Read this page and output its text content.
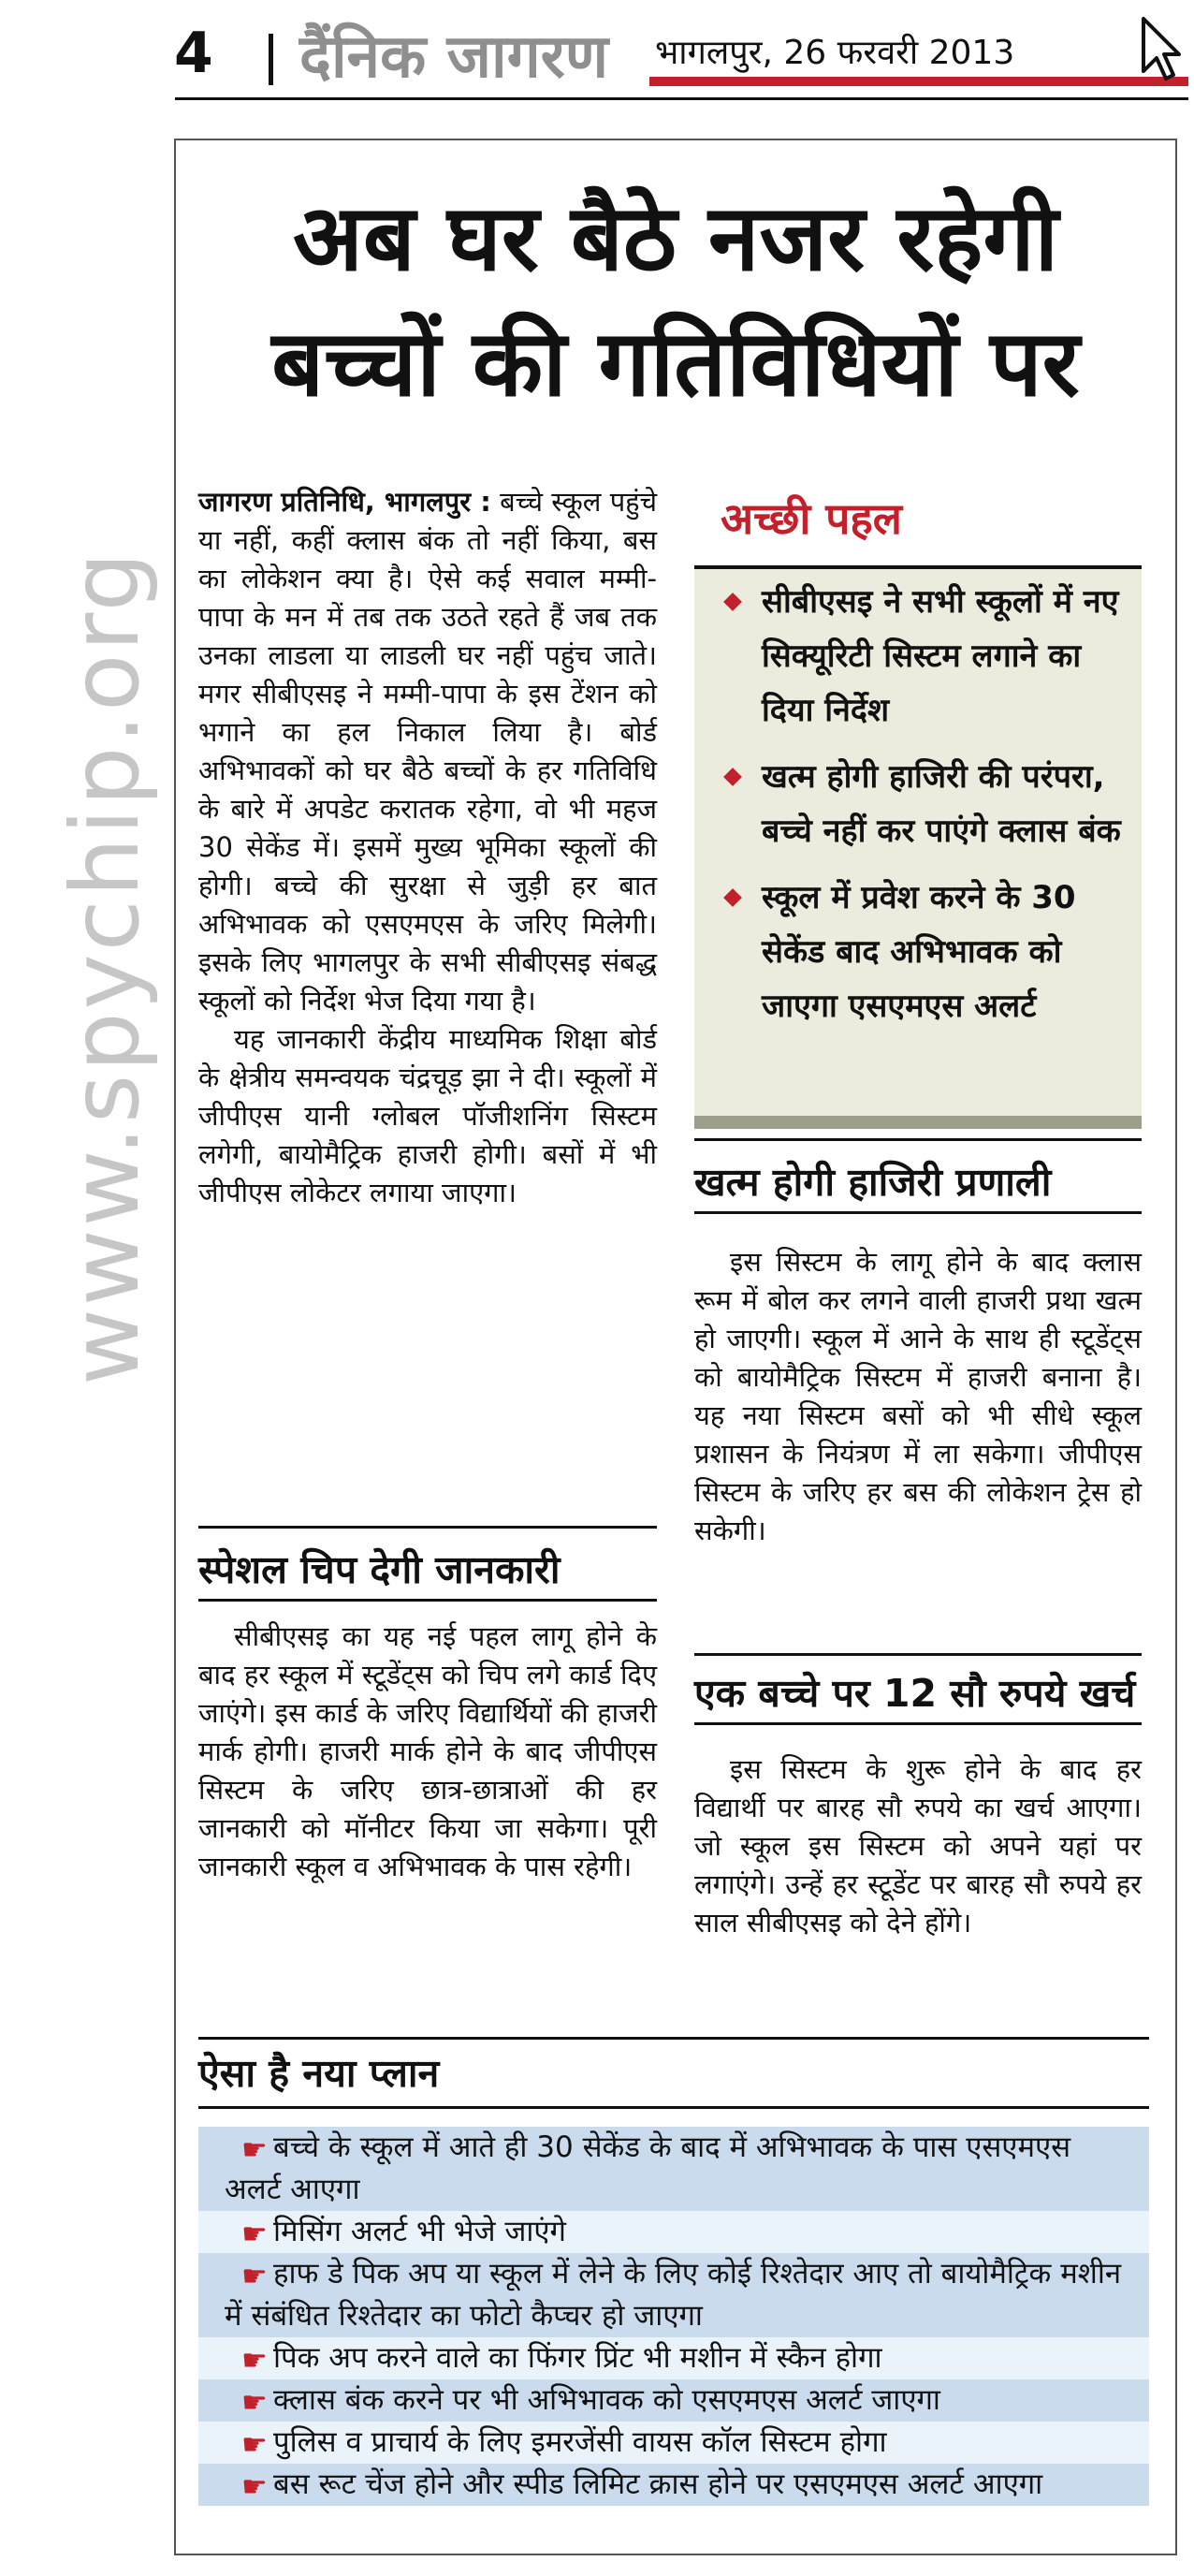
www.spychip.org
4 दैंनिक जागरण भागलपुर, 26 फरवरी 2013
अब घर बैठे नजर रहेगी
बच्चों की गतिविधियों पर

जागरण प्रतिनिधि, भागलपुर : बच्चे स्कूल पहुंचे या नहीं, कहीं क्लास बंक तो नहीं किया, बस का लोकेशन क्या है। ऐसे कई सवाल मम्मी-पापा के मन में तब तक उठते रहते हैं जब तक उनका लाडला या लाडली घर नहीं पहुंच जाते। मगर सीबीएसइ ने मम्मी-पापा के इस टेंशन को भगाने का हल निकाल लिया है। बोर्ड अभिभावकों को घर बैठे बच्चों के हर गतिविधि के बारे में अपडेट करातक रहेगा, वो भी महज 30 सेकेंड में। इसमें मुख्य भूमिका स्कूलों की होगी। बच्चे की सुरक्षा से जुड़ी हर बात अभिभावक को एसएमएस के जरिए मिलेगी। इसके लिए भागलपुर के सभी सीबीएसइ संबद्ध स्कूलों को निर्देश भेज दिया गया है।

यह जानकारी केंद्रीय माध्यमिक शिक्षा बोर्ड के क्षेत्रीय समन्वयक चंद्रचूड़ झा ने दी। स्कूलों में जीपीएस यानी ग्लोबल पॉजीशनिंग सिस्टम लगेगी, बायोमैट्रिक हाजरी होगी। बसों में भी जीपीएस लोकेटर लगाया जाएगा।

स्पेशल चिप देगी जानकारी

सीबीएसइ का यह नई पहल लागू होने के बाद हर स्कूल में स्टूडेंट्स को चिप लगे कार्ड दिए जाएंगे। इस कार्ड के जरिए विद्यार्थियों की हाजरी मार्क होगी। हाजरी मार्क होने के बाद जीपीएस सिस्टम के जरिए छात्र-छात्राओं की हर जानकारी को मॉनीटर किया जा सकेगा। पूरी जानकारी स्कूल व अभिभावक के पास रहेगी।

अच्छी पहल
सीबीएसइ ने सभी स्कूलों में नए सिक्यूरिटी सिस्टम लगाने का दिया निर्देश
खत्म होगी हाजिरी की परंपरा, बच्चे नहीं कर पाएंगे क्लास बंक
स्कूल में प्रवेश करने के 30 सेकेंड बाद अभिभावक को जाएगा एसएमएस अलर्ट
खत्म होगी हाजिरी प्रणाली

इस सिस्टम के लागू होने के बाद क्लास रूम में बोल कर लगने वाली हाजरी प्रथा खत्म हो जाएगी। स्कूल में आने के साथ ही स्टूडेंट्स को बायोमैट्रिक सिस्टम में हाजरी बनाना है। यह नया सिस्टम बसों को भी सीधे स्कूल प्रशासन के नियंत्रण में ला सकेगा। जीपीएस सिस्टम के जरिए हर बस की लोकेशन ट्रेस हो सकेगी।

एक बच्चे पर 12 सौ रुपये खर्च

इस सिस्टम के शुरू होने के बाद हर विद्यार्थी पर बारह सौ रुपये का खर्च आएगा। जो स्कूल इस सिस्टम को अपने यहां पर लगाएंगे। उन्हें हर स्टूडेंट पर बारह सौ रुपये हर साल सीबीएसइ को देने होंगे।

ऐसा है नया प्लान
☛ बच्चे के स्कूल में आते ही 30 सेकेंड के बाद में अभिभावक के पास एसएमएस अलर्ट आएगा
☛ मिसिंग अलर्ट भी भेजे जाएंगे
☛ हाफ डे पिक अप या स्कूल में लेने के लिए कोई रिश्तेदार आए तो बायोमैट्रिक मशीन में संबंधित रिश्तेदार का फोटो कैप्चर हो जाएगा
☛ पिक अप करने वाले का फिंगर प्रिंट भी मशीन में स्कैन होगा
☛ क्लास बंक करने पर भी अभिभावक को एसएमएस अलर्ट जाएगा
☛ पुलिस व प्राचार्य के लिए इमरजेंसी वायस कॉल सिस्टम होगा
☛ बस रूट चेंज होने और स्पीड लिमिट क्रास होने पर एसएमएस अलर्ट आएगा
